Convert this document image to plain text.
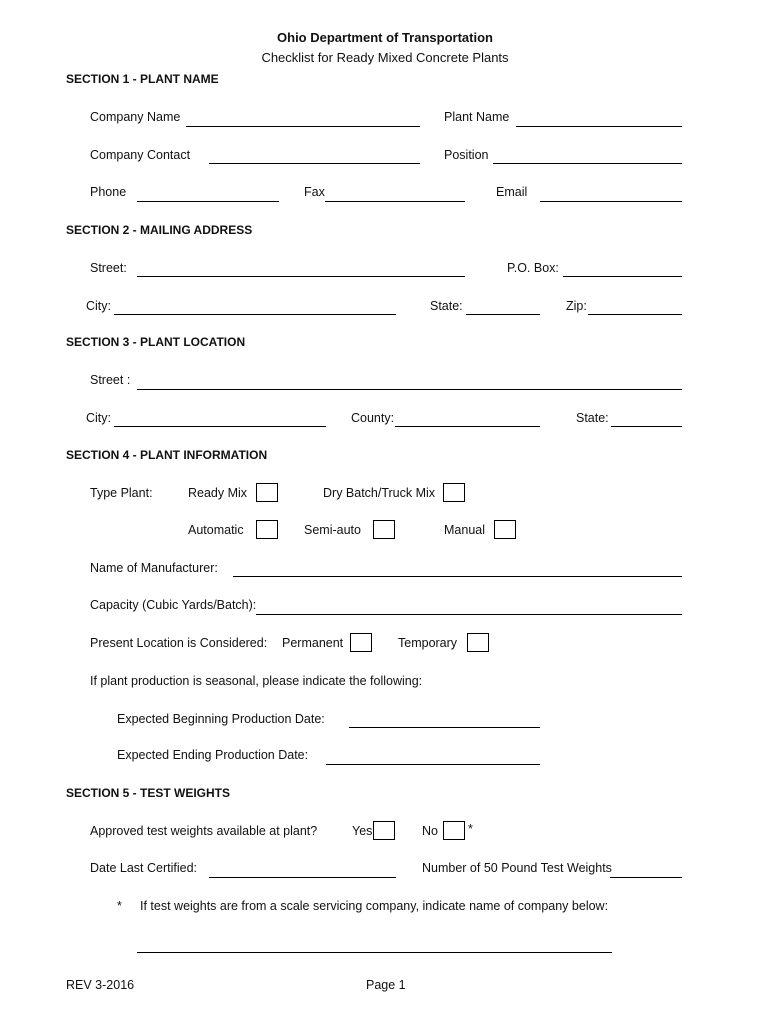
Ohio Department of Transportation
Checklist for Ready Mixed Concrete Plants
SECTION 1 - PLANT NAME
Company Name	Plant Name
Company Contact	Position
Phone	Fax	Email
SECTION 2 - MAILING ADDRESS
Street:	P.O. Box:
City:	State:	Zip:
SECTION 3 - PLANT LOCATION
Street :
City:	County:	State:
SECTION 4 - PLANT INFORMATION
Type Plant:	Ready Mix	Dry Batch/Truck Mix
Automatic	Semi-auto	Manual
Name of Manufacturer:
Capacity (Cubic Yards/Batch):
Present Location is Considered: Permanent	Temporary
If plant production is seasonal, please indicate the following:
Expected Beginning Production Date:
Expected Ending Production Date:
SECTION 5 - TEST WEIGHTS
Approved test weights available at plant?	Yes	No *
Date Last Certified:	Number of 50 Pound Test Weights
* If test weights are from a scale servicing company, indicate name of company below:
REV 3-2016	Page 1
